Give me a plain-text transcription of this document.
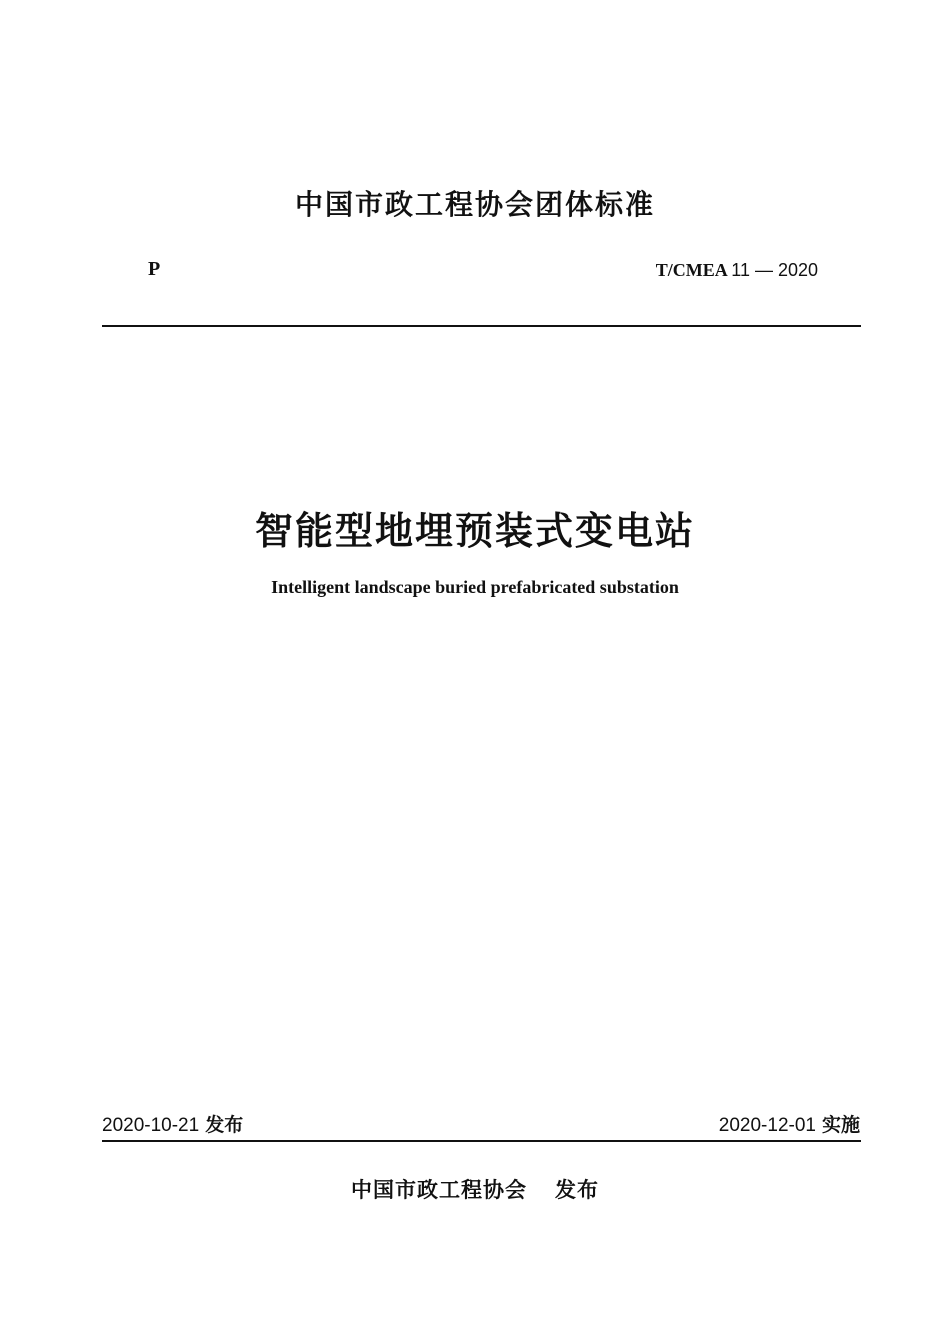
中国市政工程协会团体标准
P	T/CMEA 11 — 2020
智能型地埋预装式变电站
Intelligent landscape buried prefabricated substation
2020-10-21 发布	2020-12-01 实施
中国市政工程协会 发布
